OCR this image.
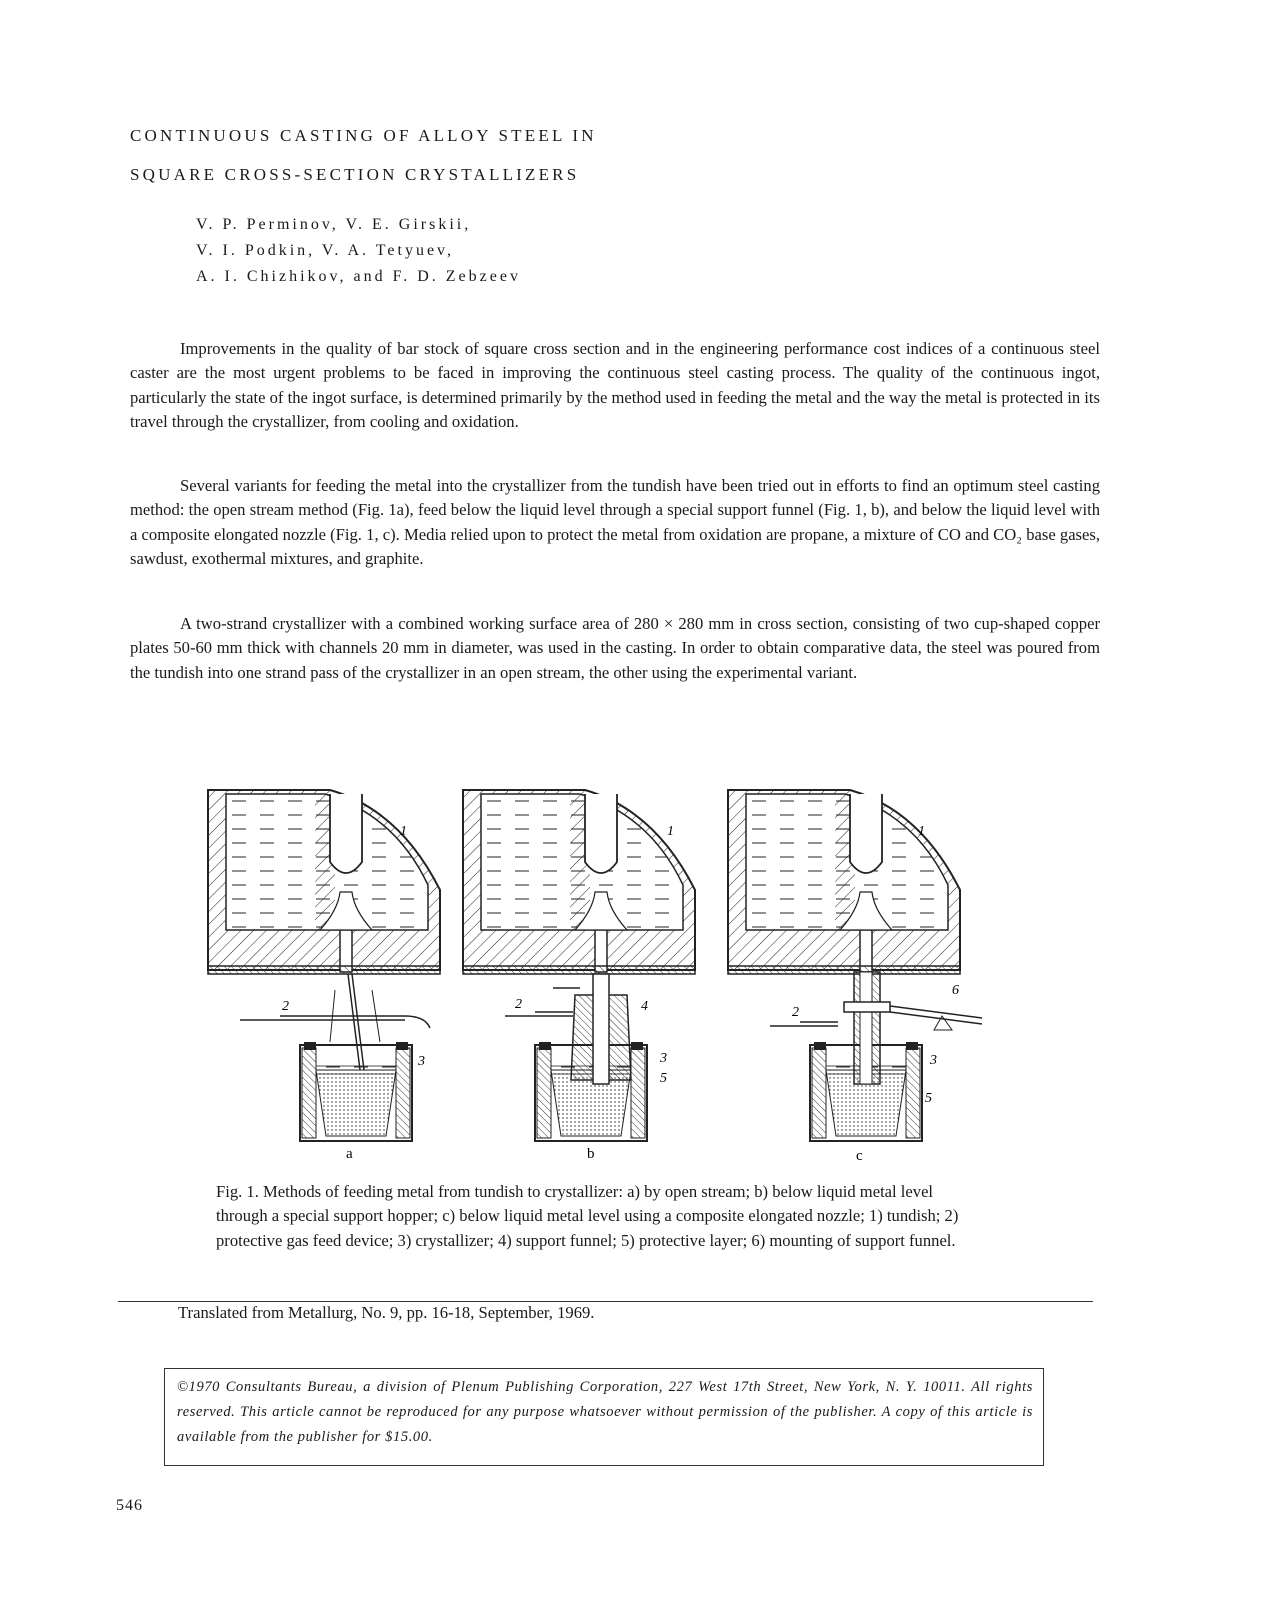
CONTINUOUS CASTING OF ALLOY STEEL IN
SQUARE CROSS-SECTION CRYSTALLIZERS
V. P. Perminov, V. E. Girskii,
V. I. Podkin, V. A. Tetyuev,
A. I. Chizhikov, and F. D. Zebzeev

Improvements in the quality of bar stock of square cross section and in the engineering performance cost indices of a continuous steel caster are the most urgent problems to be faced in improving the continuous steel casting process. The quality of the continuous ingot, particularly the state of the ingot surface, is determined primarily by the method used in feeding the metal and the way the metal is protected in its travel through the crystallizer, from cooling and oxidation.

Several variants for feeding the metal into the crystallizer from the tundish have been tried out in efforts to find an optimum steel casting method: the open stream method (Fig. 1a), feed below the liquid level through a special support funnel (Fig. 1, b), and below the liquid level with a composite elongated nozzle (Fig. 1, c). Media relied upon to protect the metal from oxidation are propane, a mixture of CO and CO₂ base gases, sawdust, exothermal mixtures, and graphite.

A two-strand crystallizer with a combined working surface area of 280 × 280 mm in cross section, consisting of two cup-shaped copper plates 50-60 mm thick with channels 20 mm in diameter, was used in the casting. In order to obtain comparative data, the steel was poured from the tundish into one strand pass of the crystallizer in an open stream, the other using the experimental variant.

1
2
3
a
1
2
3
4
5
b
1
2
3
5
6
c

Fig. 1. Methods of feeding metal from tundish to crystallizer: a) by open stream; b) below liquid metal level through a special support hopper; c) below liquid metal level using a composite elongated nozzle; 1) tundish; 2) protective gas feed device; 3) crystallizer; 4) support funnel; 5) protective layer; 6) mounting of support funnel.

Translated from Metallurg, No. 9, pp. 16-18, September, 1969.

©1970 Consultants Bureau, a division of Plenum Publishing Corporation, 227 West 17th Street, New York, N. Y. 10011. All rights reserved. This article cannot be reproduced for any purpose whatsoever without permission of the publisher. A copy of this article is available from the publisher for $15.00.

546
